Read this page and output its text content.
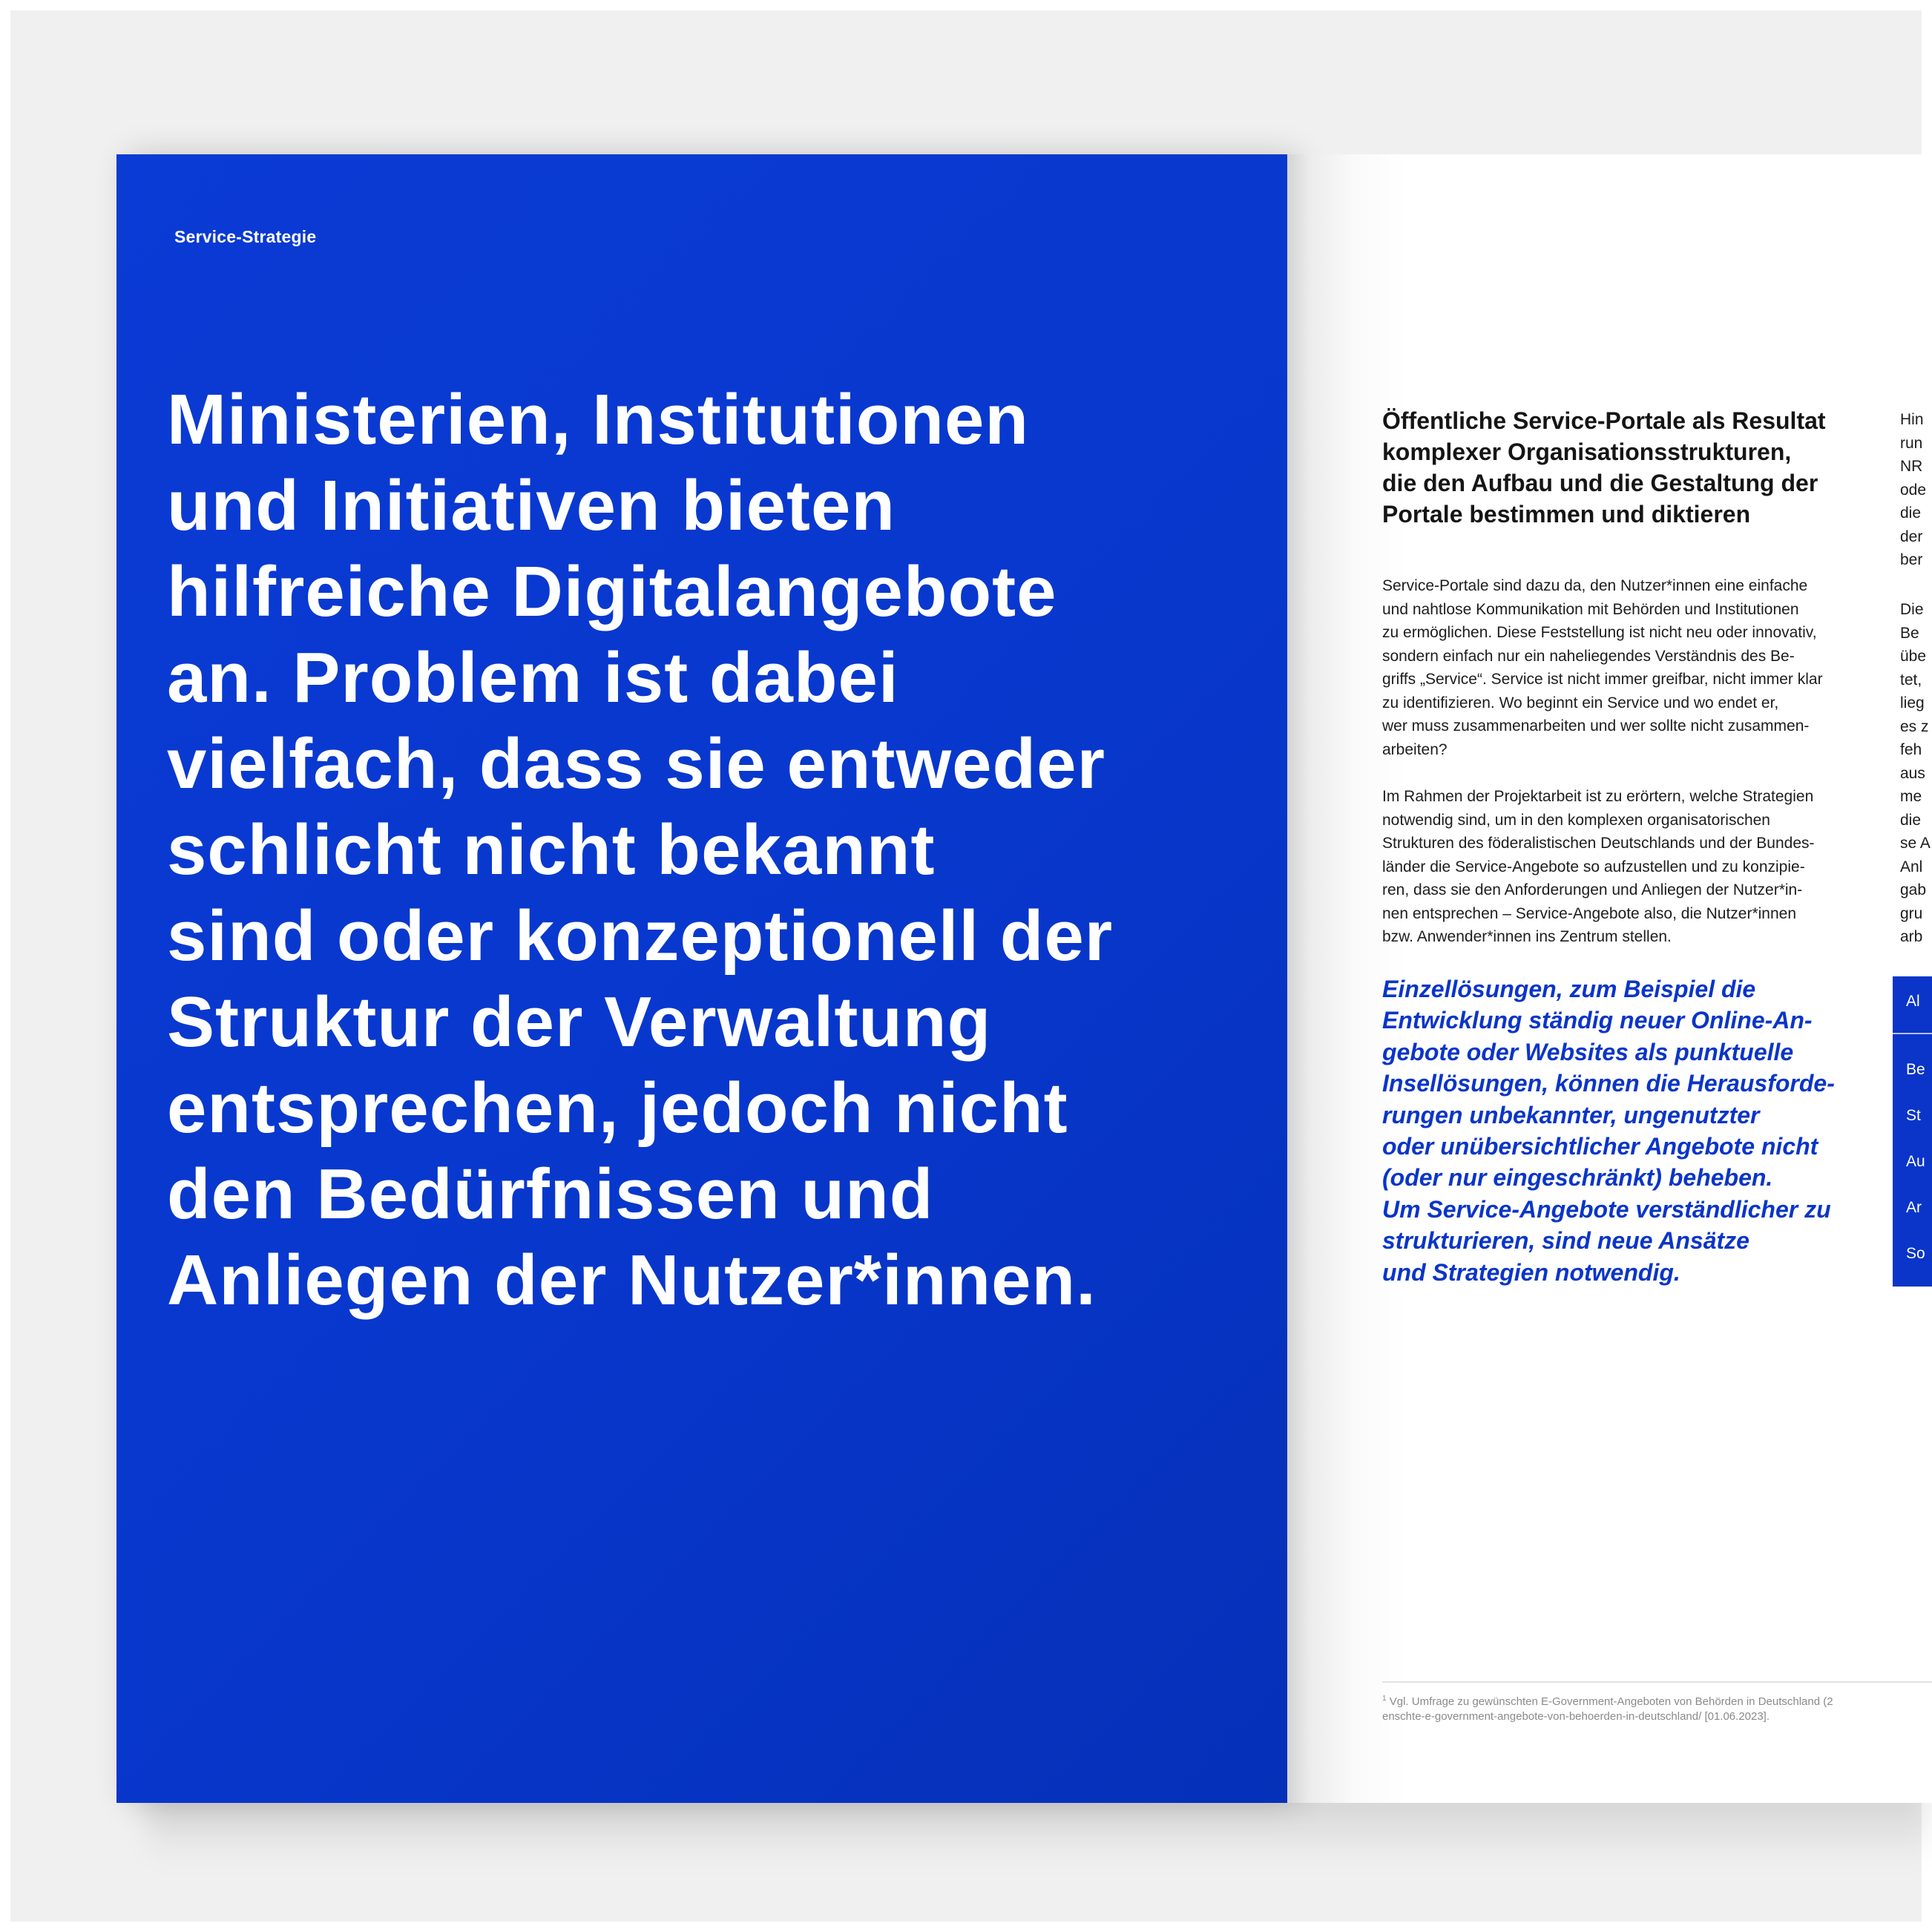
Service-Strategie
Ministerien, Institutionen
und Initiativen bieten
hilfreiche Digitalangebote
an. Problem ist dabei
vielfach, dass sie entweder
schlicht nicht bekannt
sind oder konzeptionell der
Struktur der Verwaltung
entsprechen, jedoch nicht
den Bedürfnissen und
Anliegen der Nutzer*innen.
Öffentliche Service-Portale als Resultat
komplexer Organisationsstrukturen,
die den Aufbau und die Gestaltung der
Portale bestimmen und diktieren

Service-Portale sind dazu da, den Nutzer*innen eine einfache
und nahtlose Kommunikation mit Behörden und Institutionen
zu ermöglichen. Diese Feststellung ist nicht neu oder innovativ,
sondern einfach nur ein naheliegendes Verständnis des Be-
griffs „Service“. Service ist nicht immer greifbar, nicht immer klar
zu identifizieren. Wo beginnt ein Service und wo endet er,
wer muss zusammenarbeiten und wer sollte nicht zusammen-
arbeiten?

Im Rahmen der Projektarbeit ist zu erörtern, welche Strategien
notwendig sind, um in den komplexen organisatorischen
Strukturen des föderalistischen Deutschlands und der Bundes-
länder die Service-Angebote so aufzustellen und zu konzipie-
ren, dass sie den Anforderungen und Anliegen der Nutzer*in-
nen entsprechen – Service-Angebote also, die Nutzer*innen
bzw. Anwender*innen ins Zentrum stellen.

Einzellösungen, zum Beispiel die
Entwicklung ständig neuer Online-An-
gebote oder Websites als punktuelle
Insellösungen, können die Herausforde-
rungen unbekannter, ungenutzter
oder unübersichtlicher Angebote nicht
(oder nur eingeschränkt) beheben.
Um Service-Angebote verständlicher zu
strukturieren, sind neue Ansätze
und Strategien notwendig.

Hin
run
NR
ode
die
der
ber

Die
Be
übe
tet,
lieg
es z
feh
aus
me
die
se A
Anl
gab
gru
arb

Al
Be
St
Au
Ar
So

$^1$ Vgl. Umfrage zu gewünschten E-Government-Angeboten von Behörden in Deutschland (2
enschte-e-government-angebote-von-behoerden-in-deutschland/ [01.06.2023].
